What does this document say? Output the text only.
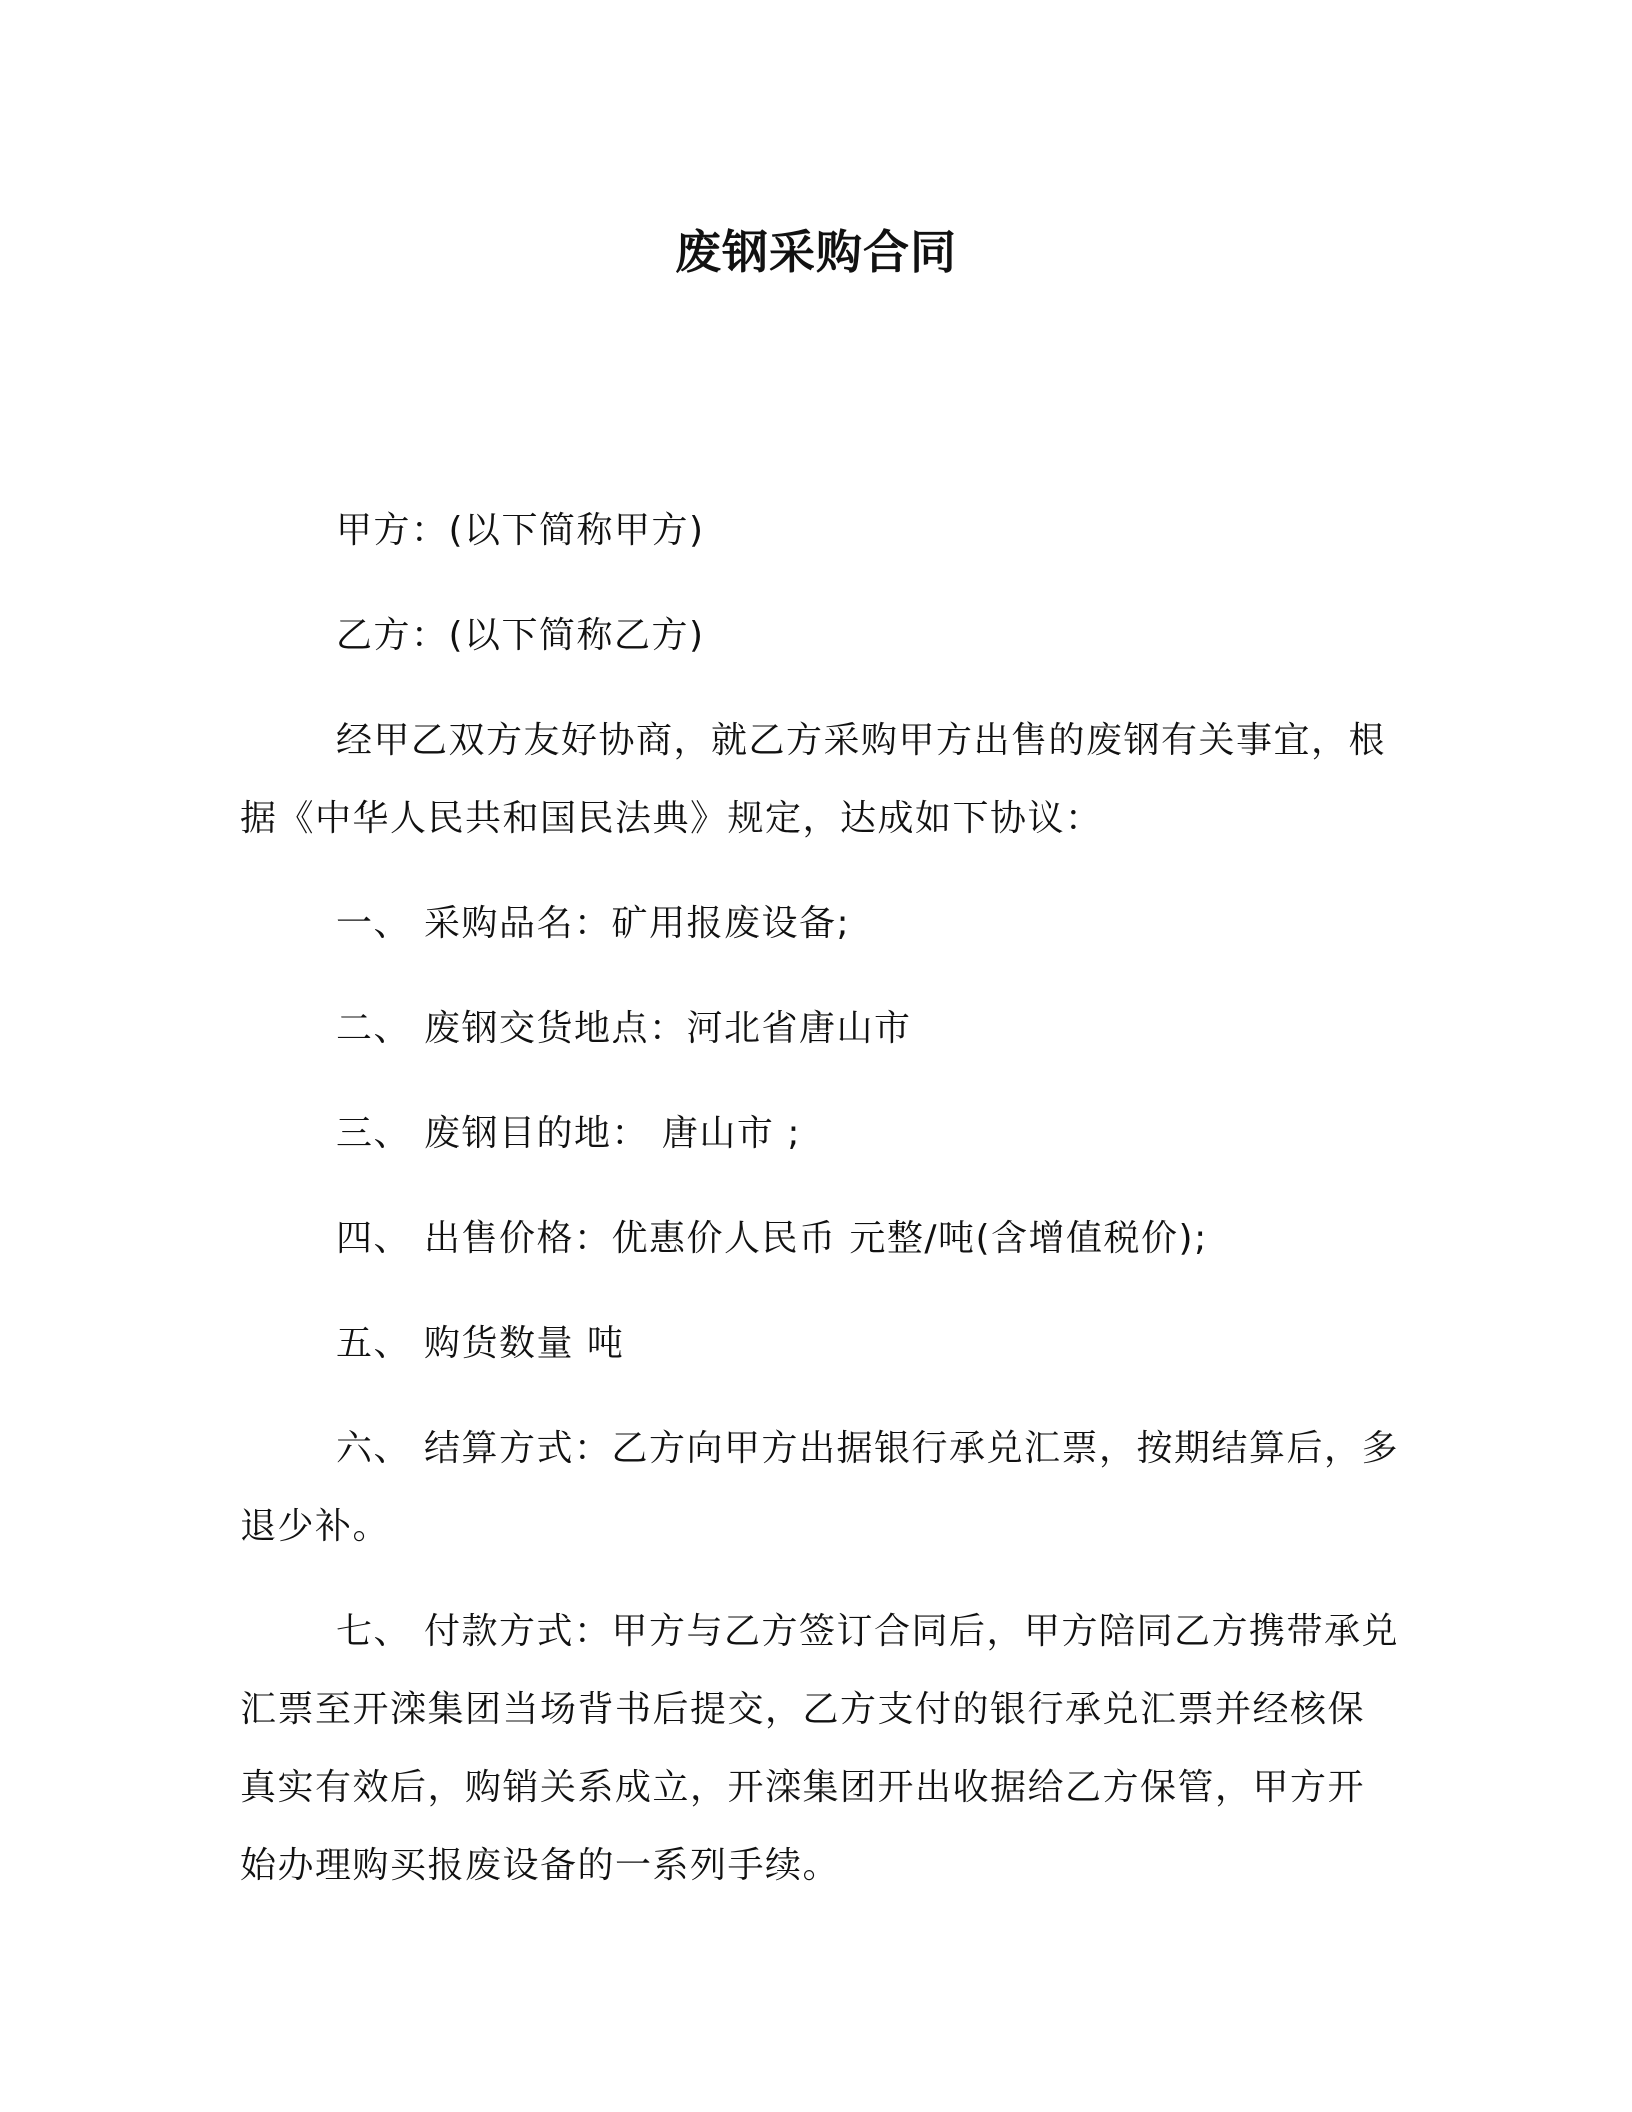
废钢采购合同

甲方：(以下简称甲方)

乙方：(以下简称乙方)

经甲乙双方友好协商，就乙方采购甲方出售的废钢有关事宜，根据《中华人民共和国民法典》规定，达成如下协议：

一、 采购品名：矿用报废设备;

二、 废钢交货地点：河北省唐山市

三、 废钢目的地： 唐山市 ;

四、 出售价格：优惠价人民币 元整/吨(含增值税价);

五、 购货数量 吨

六、 结算方式：乙方向甲方出据银行承兑汇票，按期结算后，多退少补。

七、 付款方式：甲方与乙方签订合同后，甲方陪同乙方携带承兑汇票至开滦集团当场背书后提交，乙方支付的银行承兑汇票并经核保真实有效后，购销关系成立，开滦集团开出收据给乙方保管，甲方开始办理购买报废设备的一系列手续。
